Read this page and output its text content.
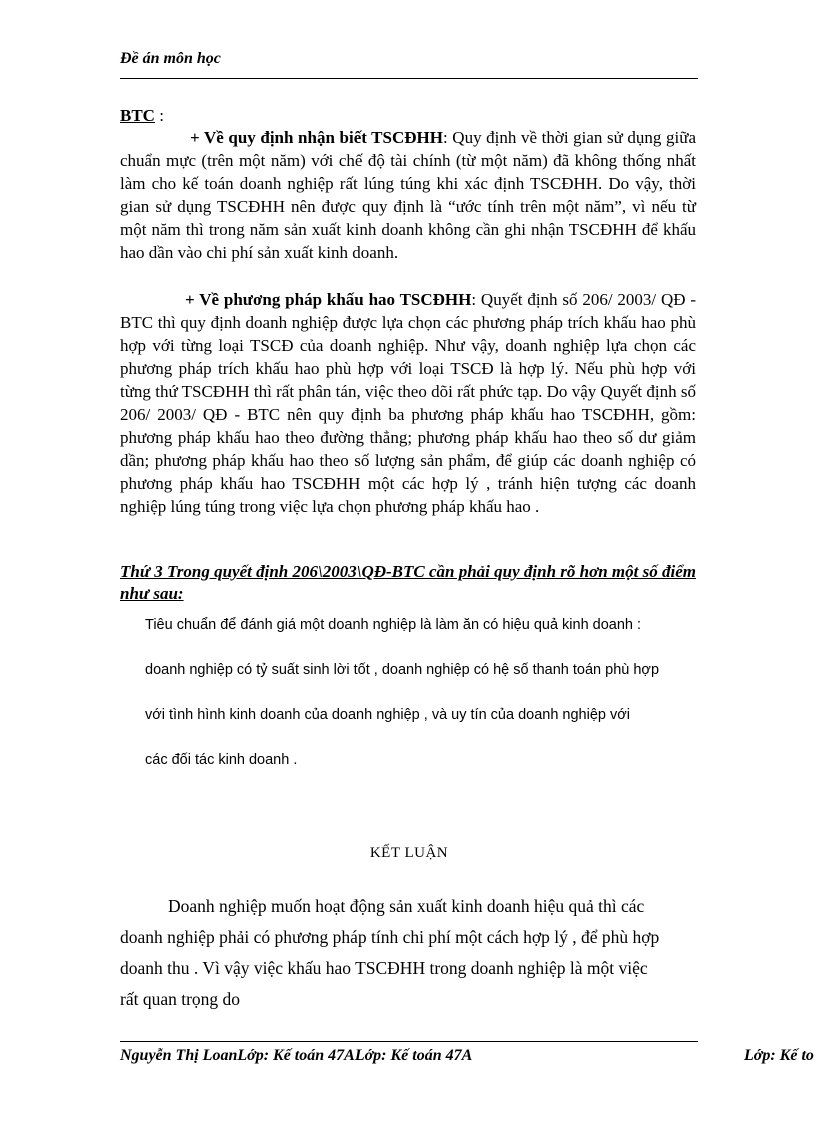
Đề án môn học
BTC :
+ Về quy định nhận biết TSCĐHH: Quy định về thời gian sử dụng giữa chuẩn mực (trên một năm) với chế độ tài chính (từ một năm) đã không thống nhất làm cho kế toán doanh nghiệp rất lúng túng khi xác định TSCĐHH. Do vậy, thời gian sử dụng TSCĐHH nên được quy định là “ước tính trên một năm”, vì nếu từ một năm thì trong năm sản xuất kinh doanh không cần ghi nhận TSCĐHH để khấu hao dần vào chi phí sản xuất kinh doanh.
+ Về phương pháp khấu hao TSCĐHH: Quyết định số 206/ 2003/ QĐ - BTC thì quy định doanh nghiệp được lựa chọn các phương pháp trích khấu hao phù hợp với từng loại TSCĐ của doanh nghiệp. Như vậy, doanh nghiệp lựa chọn các phương pháp trích khấu hao phù hợp với loại TSCĐ là hợp lý. Nếu phù hợp với từng thứ TSCĐHH thì rất phân tán, việc theo dõi rất phức tạp. Do vậy Quyết định số 206/ 2003/ QĐ - BTC nên quy định ba phương pháp khấu hao TSCĐHH, gồm: phương pháp khấu hao theo đường thẳng; phương pháp khấu hao theo số dư giảm dần; phương pháp khấu hao theo số lượng sản phẩm, để giúp các doanh nghiệp có phương pháp khấu hao TSCĐHH một các hợp lý , tránh hiện tượng các doanh nghiệp lúng túng trong việc lựa chọn phương pháp khấu hao .
Thứ 3 Trong quyết định 206\2003\QĐ-BTC cần phải quy định rõ hơn một số điểm như sau:
Tiêu chuẩn để đánh giá một doanh nghiệp là làm ăn có hiệu quả kinh doanh :
doanh nghiệp có tỷ suất sinh lời tốt , doanh nghiệp có hệ số thanh toán phù hợp
với tình hình kinh doanh của doanh nghiệp , và uy tín của doanh nghiệp với
các đối tác kinh doanh .
KẾT LUẬN
Doanh nghiệp muốn hoạt động sản xuất kinh doanh hiệu quả thì các
doanh nghiệp phải có phương pháp tính chi phí một cách hợp lý , để phù hợp
doanh thu . Vì vậy việc khấu hao TSCĐHH trong doanh nghiệp là một việc
rất quan trọng do
Nguyễn Thị LoanLớp: Kế toán 47ALớp: Kế toán 47A	Lớp: Kế to
